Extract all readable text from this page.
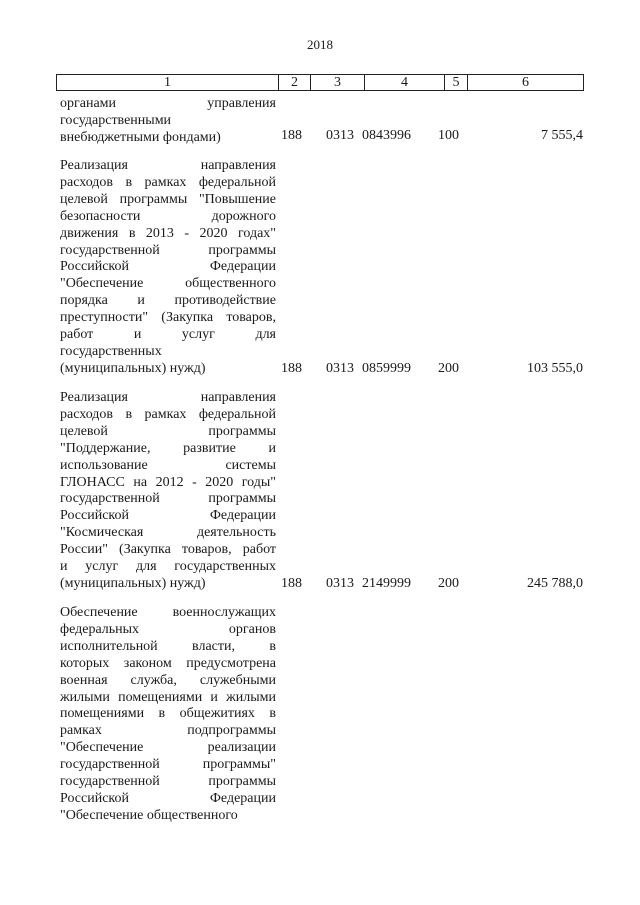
2018
1	2	3	4	5	6
органами управления
государственными
внебюджетными фондами)	188 0313 0843996 100	7 555,4
Реализация направления
расходов в рамках федеральной
целевой программы "Повышение
безопасности дорожного
движения в 2013 - 2020 годах"
государственной программы
Российской Федерации
"Обеспечение общественного
порядка и противодействие
преступности" (Закупка товаров,
работ и услуг для
государственных
(муниципальных) нужд)	188 0313 0859999 200	103 555,0
Реализация направления
расходов в рамках федеральной
целевой программы
"Поддержание, развитие и
использование системы
ГЛОНАСС на 2012 - 2020 годы"
государственной программы
Российской Федерации
"Космическая деятельность
России" (Закупка товаров, работ
и услуг для государственных
(муниципальных) нужд)	188 0313 2149999 200	245 788,0
Обеспечение военнослужащих
федеральных органов
исполнительной власти, в
которых законом предусмотрена
военная служба, служебными
жилыми помещениями и жилыми
помещениями в общежитиях в
рамках подпрограммы
"Обеспечение реализации
государственной программы"
государственной программы
Российской Федерации
"Обеспечение общественного
